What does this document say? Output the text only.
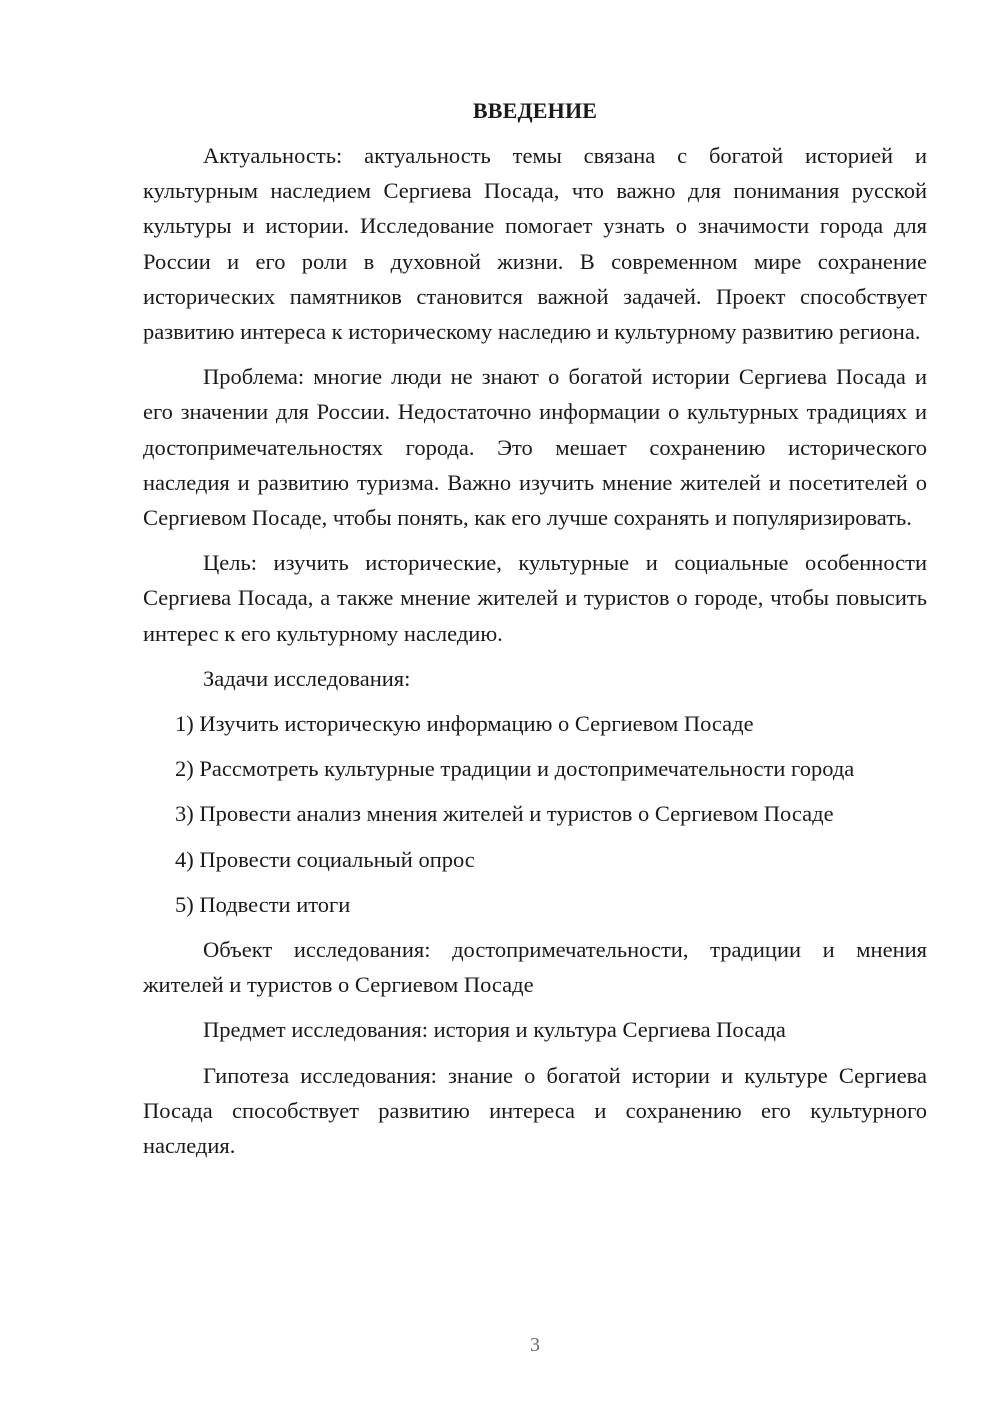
ВВЕДЕНИЕ

Актуальность: актуальность темы связана с богатой историей и культурным наследием Сергиева Посада, что важно для понимания русской культуры и истории. Исследование помогает узнать о значимости города для России и его роли в духовной жизни. В современном мире сохранение исторических памятников становится важной задачей. Проект способствует развитию интереса к историческому наследию и культурному развитию региона.

Проблема: многие люди не знают о богатой истории Сергиева Посада и его значении для России. Недостаточно информации о культурных традициях и достопримечательностях города. Это мешает сохранению исторического наследия и развитию туризма. Важно изучить мнение жителей и посетителей о Сергиевом Посаде, чтобы понять, как его лучше сохранять и популяризировать.

Цель: изучить исторические, культурные и социальные особенности Сергиева Посада, а также мнение жителей и туристов о городе, чтобы повысить интерес к его культурному наследию.

Задачи исследования:

1) Изучить историческую информацию о Сергиевом Посаде

2) Рассмотреть культурные традиции и достопримечательности города

3) Провести анализ мнения жителей и туристов о Сергиевом Посаде

4) Провести социальный опрос

5) Подвести итоги

Объект исследования: достопримечательности, традиции и мнения жителей и туристов о Сергиевом Посаде

Предмет исследования: история и культура Сергиева Посада

Гипотеза исследования: знание о богатой истории и культуре Сергиева Посада способствует развитию интереса и сохранению его культурного наследия.

3
